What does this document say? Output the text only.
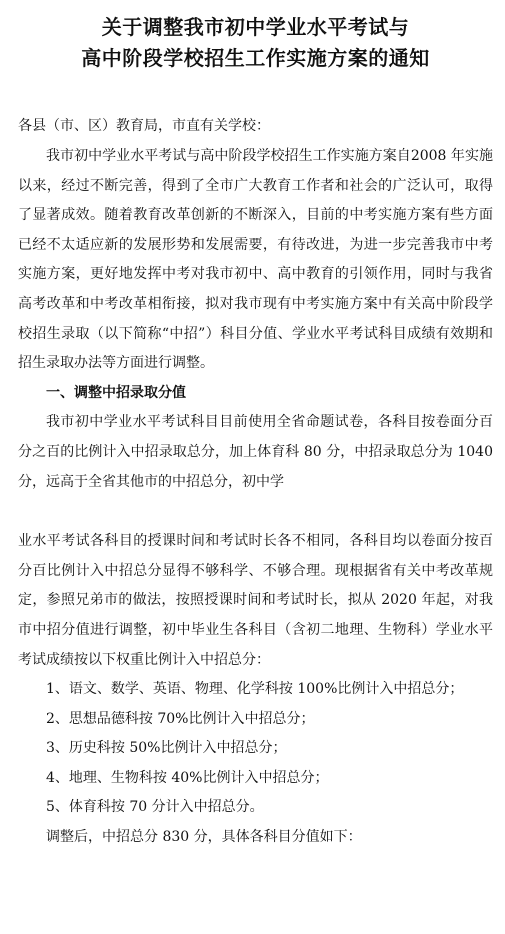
关于调整我市初中学业水平考试与
高中阶段学校招生工作实施方案的通知
各县（市、区）教育局，市直有关学校：

我市初中学业水平考试与高中阶段学校招生工作实施方案自2008 年实施以来，经过不断完善，得到了全市广大教育工作者和社会的广泛认可，取得了显著成效。随着教育改革创新的不断深入，目前的中考实施方案有些方面已经不太适应新的发展形势和发展需要，有待改进，为进一步完善我市中考实施方案，更好地发挥中考对我市初中、高中教育的引领作用，同时与我省高考改革和中考改革相衔接，拟对我市现有中考实施方案中有关高中阶段学校招生录取（以下简称“中招”）科目分值、学业水平考试科目成绩有效期和招生录取办法等方面进行调整。

一、调整中招录取分值

我市初中学业水平考试科目目前使用全省命题试卷，各科目按卷面分百分之百的比例计入中招录取总分，加上体育科 80 分，中招录取总分为 1040 分，远高于全省其他市的中招总分，初中学

业水平考试各科目的授课时间和考试时长各不相同，各科目均以卷面分按百分百比例计入中招总分显得不够科学、不够合理。现根据省有关中考改革规定，参照兄弟市的做法，按照授课时间和考试时长，拟从 2020 年起，对我市中招分值进行调整，初中毕业生各科目（含初二地理、生物科）学业水平考试成绩按以下权重比例计入中招总分：

1、语文、数学、英语、物理、化学科按 100%比例计入中招总分；

2、思想品德科按 70%比例计入中招总分；

3、历史科按 50%比例计入中招总分；

4、地理、生物科按 40%比例计入中招总分；

5、体育科按 70 分计入中招总分。

调整后，中招总分 830 分，具体各科目分值如下：
